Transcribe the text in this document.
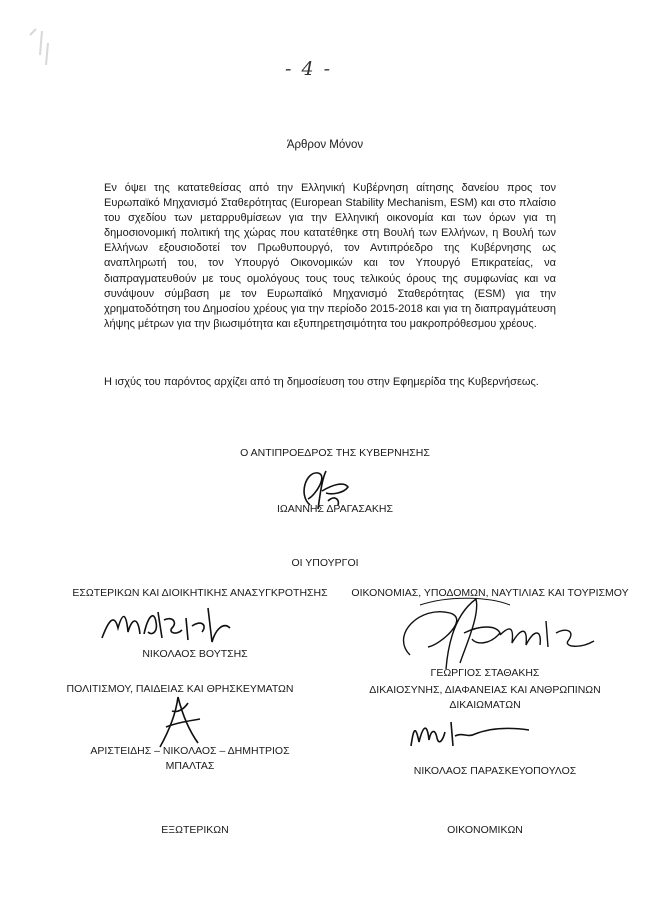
- 4 -
Άρθρον Μόνον
Εν όψει της κατατεθείσας από την Ελληνική Κυβέρνηση αίτησης δανείου προς τον Ευρωπαϊκό Μηχανισμό Σταθερότητας (European Stability Mechanism, ESM) και στο πλαίσιο του σχεδίου των μεταρρυθμίσεων για την Ελληνική οικονομία και των όρων για τη δημοσιονομική πολιτική της χώρας που κατατέθηκε στη Βουλή των Ελλήνων, η Βουλή των Ελλήνων εξουσιοδοτεί τον Πρωθυπουργό, τον Αντιπρόεδρο της Κυβέρνησης ως αναπληρωτή του, τον Υπουργό Οικονομικών και τον Υπουργό Επικρατείας, να διαπραγματευθούν με τους ομολόγους τους τους τελικούς όρους της συμφωνίας και να συνάψουν σύμβαση με τον Ευρωπαϊκό Μηχανισμό Σταθερότητας (ESM) για την χρηματοδότηση του Δημοσίου χρέους για την περίοδο 2015-2018 και για τη διαπραγμάτευση λήψης μέτρων για την βιωσιμότητα και εξυπηρετησιμότητα του μακροπρόθεσμου χρέους.
Η ισχύς του παρόντος αρχίζει από τη δημοσίευση του στην Εφημερίδα της Κυβερνήσεως.
Ο ΑΝΤΙΠΡΟΕΔΡΟΣ ΤΗΣ ΚΥΒΕΡΝΗΣΗΣ
ΙΩΑΝΝΗΣ ΔΡΑΓΑΣΑΚΗΣ
ΟΙ ΥΠΟΥΡΓΟΙ
ΕΣΩΤΕΡΙΚΩΝ ΚΑΙ ΔΙΟΙΚΗΤΙΚΗΣ ΑΝΑΣΥΓΚΡΟΤΗΣΗΣ
ΝΙΚΟΛΑΟΣ ΒΟΥΤΣΗΣ
ΟΙΚΟΝΟΜΙΑΣ, ΥΠΟΔΟΜΩΝ, ΝΑΥΤΙΛΙΑΣ ΚΑΙ ΤΟΥΡΙΣΜΟΥ
ΓΕΩΡΓΙΟΣ ΣΤΑΘΑΚΗΣ
ΠΟΛΙΤΙΣΜΟΥ, ΠΑΙΔΕΙΑΣ ΚΑΙ ΘΡΗΣΚΕΥΜΑΤΩΝ
ΑΡΙΣΤΕΙΔΗΣ – ΝΙΚΟΛΑΟΣ – ΔΗΜΗΤΡΙΟΣ ΜΠΑΛΤΑΣ
ΔΙΚΑΙΟΣΥΝΗΣ, ΔΙΑΦΑΝΕΙΑΣ ΚΑΙ ΑΝΘΡΩΠΙΝΩΝ ΔΙΚΑΙΩΜΑΤΩΝ
ΝΙΚΟΛΑΟΣ ΠΑΡΑΣΚΕΥΟΠΟΥΛΟΣ
ΕΞΩΤΕΡΙΚΩΝ	ΟΙΚΟΝΟΜΙΚΩΝ
